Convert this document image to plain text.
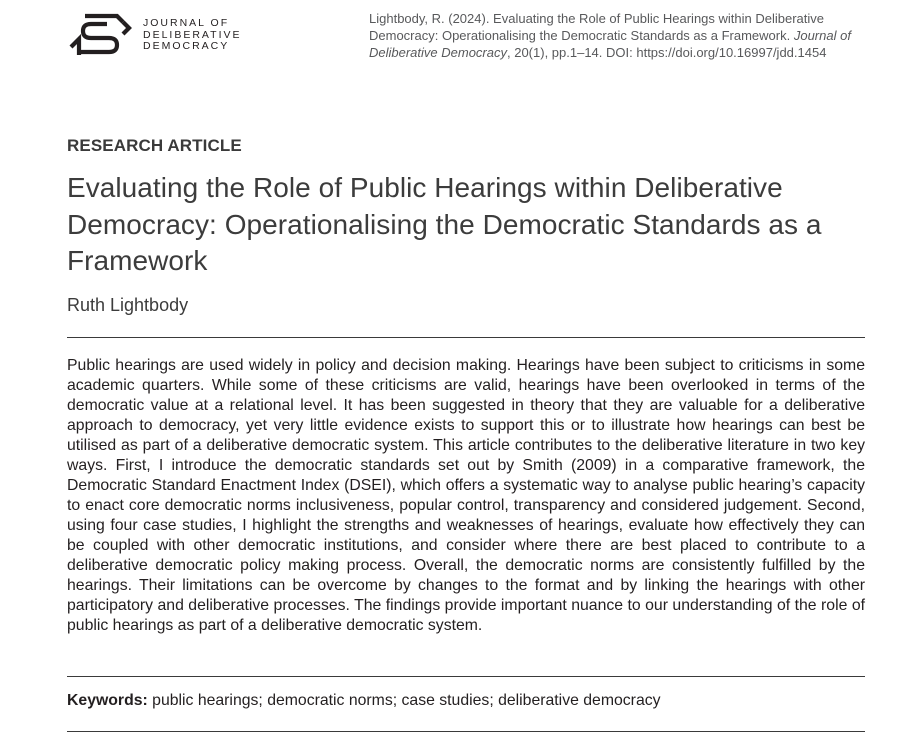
JOURNAL OF
DELIBERATIVE
DEMOCRACY
Lightbody, R. (2024). Evaluating the Role of Public Hearings within Deliberative Democracy: Operationalising the Democratic Standards as a Framework. Journal of Deliberative Democracy, 20(1), pp.1–14. DOI: https://doi.org/10.16997/jdd.1454
RESEARCH ARTICLE
Evaluating the Role of Public Hearings within Deliberative Democracy: Operationalising the Democratic Standards as a Framework
Ruth Lightbody

Public hearings are used widely in policy and decision making. Hearings have been subject to criticisms in some academic quarters. While some of these criticisms are valid, hearings have been overlooked in terms of the democratic value at a relational level. It has been suggested in theory that they are valuable for a deliberative approach to democracy, yet very little evidence exists to support this or to illustrate how hearings can best be utilised as part of a deliberative democratic system. This article contributes to the deliberative literature in two key ways. First, I introduce the democratic standards set out by Smith (2009) in a comparative framework, the Democratic Standard Enactment Index (DSEI), which offers a systematic way to analyse public hearing’s capacity to enact core democratic norms inclusiveness, popular control, transparency and considered judgement. Second, using four case studies, I highlight the strengths and weaknesses of hearings, evaluate how effectively they can be coupled with other democratic institutions, and consider where there are best placed to contribute to a deliberative democratic policy making process. Overall, the democratic norms are consistently fulfilled by the hearings. Their limitations can be overcome by changes to the format and by linking the hearings with other participatory and deliberative processes. The findings provide important nuance to our understanding of the role of public hearings as part of a deliberative democratic system.

Keywords: public hearings; democratic norms; case studies; deliberative democracy
